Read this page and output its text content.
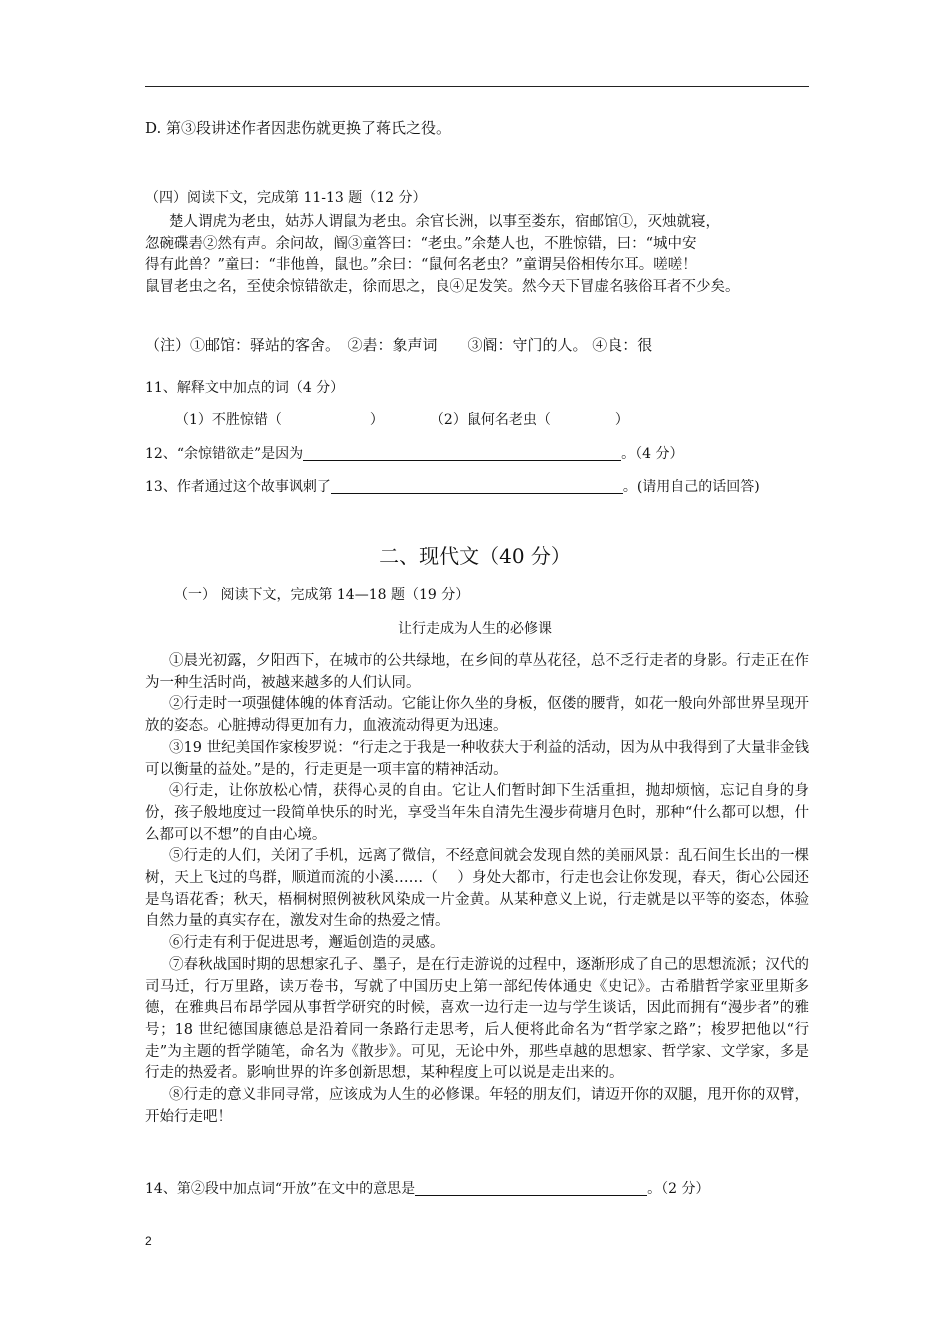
D. 第③段讲述作者因悲伤就更换了蒋氏之役。
（四）阅读下文，完成第 11-13 题（12 分）

楚人谓虎为老虫，姑苏人谓鼠为老虫。余官长洲，以事至娄东，宿邮馆①，灭烛就寝，

忽碗碟砉②然有声。余问故，阍③童答曰：“老虫。”余楚人也，不胜惊错，曰：“城中安

得有此兽？”童曰：“非他兽，鼠也。”余曰：“鼠何名老虫？”童谓吴俗相传尔耳。嗟嗟！

鼠冒老虫之名，至使余惊错欲走，徐而思之，良④足发笑。然今天下冒虚名骇俗耳者不少矣。

（注）①邮馆：驿站的客舍。　②砉：象声词　　③阍：守门的人。 ④良：很
11、解释文中加点的词（4 分）
（1）不胜惊错（	）	（2）鼠何名老虫（	）
12、“余惊错欲走”是因为	。（4 分）
13、作者通过这个故事讽刺了	。(请用自己的话回答)
二、现代文（40 分）
（一） 阅读下文，完成第 14—18 题（19 分）
让行走成为人生的必修课

①晨光初露，夕阳西下，在城市的公共绿地，在乡间的草丛花径，总不乏行走者的身影。行走正在作为一种生活时尚，被越来越多的人们认同。

②行走时一项强健体魄的体育活动。它能让你久坐的身板，伛偻的腰背，如花一般向外部世界呈现开放的姿态。心脏搏动得更加有力，血液流动得更为迅速。

③19 世纪美国作家梭罗说：“行走之于我是一种收获大于利益的活动，因为从中我得到了大量非金钱可以衡量的益处。”是的，行走更是一项丰富的精神活动。

④行走，让你放松心情，获得心灵的自由。它让人们暂时卸下生活重担，抛却烦恼，忘记自身的身份，孩子般地度过一段简单快乐的时光，享受当年朱自清先生漫步荷塘月色时，那种“什么都可以想，什么都可以不想”的自由心境。

⑤行走的人们，关闭了手机，远离了微信，不经意间就会发现自然的美丽风景：乱石间生长出的一棵树，天上飞过的鸟群，顺道而流的小溪……（　 ）身处大都市，行走也会让你发现，春天，街心公园还是鸟语花香；秋天，梧桐树照例被秋风染成一片金黄。从某种意义上说，行走就是以平等的姿态，体验自然力量的真实存在，激发对生命的热爱之情。

⑥行走有利于促进思考，邂逅创造的灵感。

⑦春秋战国时期的思想家孔子、墨子，是在行走游说的过程中，逐渐形成了自己的思想流派；汉代的司马迁，行万里路，读万卷书，写就了中国历史上第一部纪传体通史《史记》。古希腊哲学家亚里斯多德，在雅典吕布昂学园从事哲学研究的时候，喜欢一边行走一边与学生谈话，因此而拥有“漫步者”的雅号；18 世纪德国康德总是沿着同一条路行走思考，后人便将此命名为“哲学家之路”；梭罗把他以“行走”为主题的哲学随笔，命名为《散步》。可见，无论中外，那些卓越的思想家、哲学家、文学家，多是行走的热爱者。影响世界的许多创新思想，某种程度上可以说是走出来的。

⑧行走的意义非同寻常，应该成为人生的必修课。年轻的朋友们，请迈开你的双腿，甩开你的双臂，开始行走吧！

14、第②段中加点词“开放”在文中的意思是	。（2 分）
2
